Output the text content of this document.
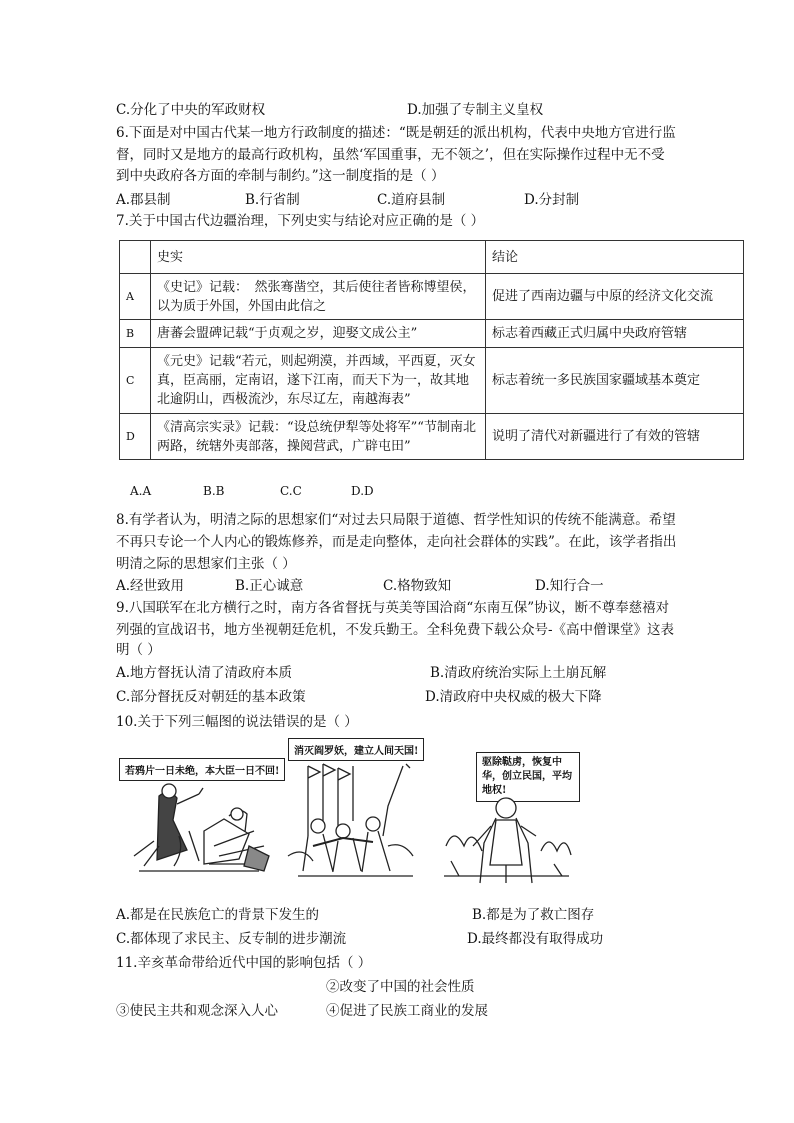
C.分化了中央的军政财权	D.加强了专制主义皇权
6.下面是对中国古代某一地方行政制度的描述：“既是朝廷的派出机构，代表中央地方官进行监
督，同时又是地方的最高行政机构，虽然‘军国重事，无不领之’，但在实际操作过程中无不受
到中央政府各方面的牵制与制约。”这一制度指的是（ ）
A.郡县制	B.行省制	C.道府县制	D.分封制
7.关于中国古代边疆治理，下列史实与结论对应正确的是（ ）
	史实	结论
A	《史记》记载：　然张骞凿空，其后使往者皆称博望侯，以为质于外国，外国由此信之	促进了西南边疆与中原的经济文化交流
B	唐蕃会盟碑记载“于贞观之岁，迎娶文成公主”	标志着西藏正式归属中央政府管辖
C	《元史》记载“若元，则起朔漠，并西域，平西夏，灭女真，臣高丽，定南诏，遂下江南，而天下为一，故其地北逾阴山，西极流沙，东尽辽左，南越海表”	标志着统一多民族国家疆域基本奠定
D	《清高宗实录》记载：“设总统伊犁等处将军”“节制南北两路，统辖外夷部落，操阅营武，广辟屯田”	说明了清代对新疆进行了有效的管辖
A.A	B.B	C.C	D.D
8.有学者认为，明清之际的思想家们“对过去只局限于道德、哲学性知识的传统不能满意。希望
不再只专论一个人内心的锻炼修养，而是走向整体，走向社会群体的实践”。在此，该学者指出
明清之际的思想家们主张（ ）
A.经世致用	B.正心诚意	C.格物致知	D.知行合一
9.八国联军在北方横行之时，南方各省督抚与英美等国洽商“东南互保”协议，断不尊奉慈禧对
列强的宣战诏书，地方坐视朝廷危机，不发兵勤王。全科免费下载公众号-《高中僧课堂》这表
明（ ）
A.地方督抚认清了清政府本质	B.清政府统治实际上土崩瓦解
C.部分督抚反对朝廷的基本政策	D.清政府中央权威的极大下降
10.关于下列三幅图的说法错误的是（ ）
若鸦片一日未绝，本大臣一日不回!
消灭阎罗妖，建立人间天国!
驱除鞑虏，恢复中华，创立民国，平均地权!
A.都是在民族危亡的背景下发生的	B.都是为了救亡图存
C.都体现了求民主、反专制的进步潮流	D.最终都没有取得成功
11.辛亥革命带给近代中国的影响包括（ ）
②改变了中国的社会性质
③使民主共和观念深入人心	④促进了民族工商业的发展
